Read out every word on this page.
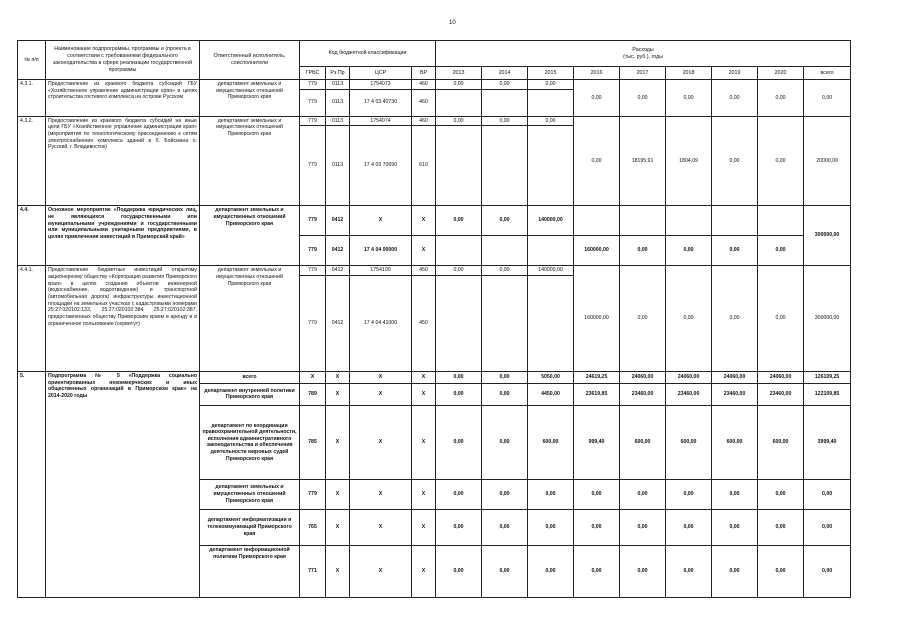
10
№ п/п	Наименование подпрограммы, программы и (проекта в соответствии с требованиями федерального законодательства в сфере реализации государственной программы	Ответственный исполнитель, соисполнители	Код бюджетной классификации				Расходы
(тыс. руб.), годы								
			ГРБС	Рз Пр	ЦСР	ВР	2013	2014	2015	2016	2017	2018	2019	2020	всего
4.3.1.	Предоставление из краевого бюджета субсидий ГБУ «Хозяйственное управление администрации края» в целях строительства гостевого комплекса на острове Русском	департамент земельных и имущественных отношений Приморского края	779	0113	1754073	460	0,00	0,00	0,00	0,00	0,00	0,00	0,00	0,00	0,00
			779	0113	17 4 03 40730	460									
4.3.2.	Предоставление из краевого бюджета субсидий на иные цели ГБУ «Хозяйственное управление администрации края» (мероприятия по технологическому присоединению к сетям электроснабжения комплекса зданий в б. Бойсмана о. Русский, г. Владивосток)	департамент земельных и имущественных отношений Приморского края	779	0113	1754074	460	0,00	0,00	0,00	0,00	18195,91	1804,09	0,00	0,00	20000,00
			779	0113	17 4 03 70690	610									
4.4.	Основное мероприятие «Поддержка юридических лиц, не являющихся государственными или муниципальными учреждениями и государственными или муниципальными унитарными предприятиями, в целях привлечения инвестиций в Приморский край»	департамент земельных и имущественных отношений Приморского края	779	0412	X	X	0,00	0,00	140000,00						300000,00
			779	0412	17 4 04 00000	X				160000,00	0,00	0,00	0,00	0,00	
4.4.1.	Предоставление бюджетных инвестиций открытому акционерному обществу «Корпорация развития Приморского края» в целях создания объектов инженерной (водоснабжение, водоотведение) и транспортной (автомобильная дорога) инфраструктуры инвестиционной площадки на земельных участках с кадастровыми номерами 25:27:020102:133, 25:27:020102:384 25:27:020102:387, предоставленных обществу Приморским краем в аренду и в ограниченное пользование (сервитут)	департамент земельных и имущественных отношений Приморского края	779	0412	1754100	450	0,00	0,00	140000,00	160000,00	0,00	0,00	0,00	0,00	300000,00
			779	0412	17 4 04 41000	450									
5.	Подпрограмма № 5 «Поддержка социально ориентированных некоммерческих и иных общественных организаций в Приморском крае» на 2014-2020 годы	всего	X	X	X	X	0,00	0,00	5050,00	24619,25	24060,00	24060,00	24060,00	24060,00	126109,25
		департамент внутренней политики Приморского края	789	X	X	X	0,00	0,00	4450,00	23619,85	23460,00	23460,00	23460,00	23460,00	122109,85
		департамент по координации правоохранительной деятельности, исполнения административного законодательства и обеспечения деятельности мировых судей Приморского края	785	X	X	X	0,00	0,00	600,00	999,40	600,00	600,00	600,00	600,00	3999,40
		департамент земельных и имущественных отношений Приморского края	779	X	X	X	0,00	0,00	0,00	0,00	0,00	0,00	0,00	0,00	0,00
		департамент информатизации и телекоммуникаций Приморского края	765	X	X	X	0,00	0,00	0,00	0,00	0,00	0,00	0,00	0,00	0,00
		департамент информационной политики Приморского края	771	X	X	X	0,00	0,00	0,00	0,00	0,00	0,00	0,00	0,00	0,00
